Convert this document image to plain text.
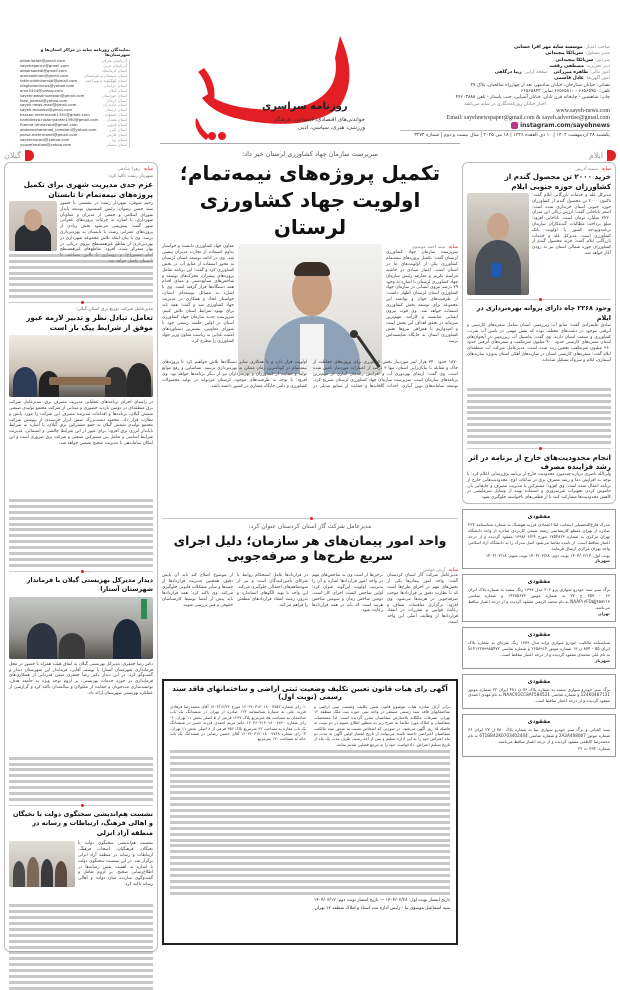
نمایندگان روزنامه سایه در مراکز استان‌ها و شهرستان‌ها
آذربایجان شرقی
akbarlotfali@gmail.com
آذربایجان غربی
sayehagency@gmail.com
استان کرمانشاه
akbarsaeedi@gmail.com
استان سیستان و بلوچستان
amirsalehian@gmail.com
استان کهگیلویه و بویراحمد
fakhruddinhamidi@gmail.com
استان خراسان
nikgholamnews@yahoo.com
استان گیلان
amir2424@yahoo.com
استان خوزستان
sayehnewskhuzestan@gmail.com
استان کرمان
farsi_kamali@yahoo.com
استان مازندران
sayeh.news.mazi@gmail.com
استان لرستان
sayeh.mousavi@gmail.com
استان اصفهان
hassan.mehrmandi1391@gmail.com
استان همدان
hamidreza.nazariyanfar1390@gmail.com
استان قزوین
fhamid.rahnavard@gmail.com
استان البرز
abdolmohammad_lorestani@yahoo.com
استان فارس
parsa.mehrmandi@gmail.com
استان یزد
sayehmoradi@yahoo.com
استان سمنان
yousefnezhad@yahoo.com
روزنامه سراسری
خواندنی‌های اقتصادی، اجتماعی، فرهنگی
ورزشی، هنری، سیاسی، ادبی
صاحب امتیاز: موسسه سایه مهر افزا حسانی
مدیر مسئول: سرپائکا پیچیدانی
سردبیر: سرپائکا پیچیدانی
دبیر تحریریه: مصطفی رفعت
امور مالی: طاهره میرزائی    صفحه آرایی: زیبا درگاهی
امور آگهی‌ها: عادل قاسمی
نشانی: خیابان ستارخان، خیابان شادمهر، بعد از چهارراه صالحیان، پلاک ۲۷
تلفن: ۶۶۵۶۵۹۵۰ - ۶۶۵۶۵۸۱۰ نمابر: ۶۶۵۶۵۸۴۳
چاپ: شاهسین - چاپخانه قرن تابان، خیابان آسیایی، جنب پاستار - تلفن ۴۴۶۰۳۸۸۸
اخبار خیابان روزنامه‌نگاری در سایه می‌باشد
www.sayeh-news.com
Email: sayehnewspaper@gmail.com & sayeh.advertise@gmail.com
instagram.com/sayehnews
یکشنبه ۲۸ اردیبهشت ۱۴۰۴ | ۱۰ ذی القعده ۱۴۴۶ | ۱۸ می ۲۰۲۵ | سال بیست و دوم | شماره ۳۲۷۴
ایلام
سایه
سمیه آذرپور
خرید ۲۰۰۰ تن محصول گندم از کشاورزان حوزه جنوبی ایلام
مدیرکل غله و خدمات بازرگانی ایلام گفت: تاکنون ۲۰۰۰ تن محصول گندم از کشاورزان حوزه جنوبی استان خریداری شده است. اصغر باباخانی گفت: ارزش ریالی این میزان ۳۲۲۰ میلیارد تومان است. باباخانی افزود: مبلغ پرداخت مطالبات گندمکاران سازمان برنامه‌وبودجه کشور با اولویت بانک کشاورزی است. مدیرکل غله و خدمات بازرگانی ایلام گفت: خرید محصول گندم از کشاورزان حوزه شمالی استان نیز به زودی آغاز خواهد شد.
وجود ۲۲۶۸ چاه دارای پروانه بهره‌برداری در ایلام
صادق علیمرادی گفت: منابع آب زیرزمینی استان شامل سفره‌های کارستی و آبرفتی موجود در دشت‌های مختلف بوده که نقش مهمی در تامین آب شرب، کشاورزی و صنعت استان دارند. وی گفت: پتانسیل آب زیرزمینی در آبخوان‌های استان سفره‌های کارستی حدود ۹۰۰ میلیون مترمکعب و سفره‌های آبرفتی حدود ۲۶۰ میلیون مترمکعب تخمین زده شده است. مدیرعامل شرکت آب منطقه‌ای ایلام گفت: سفره‌های کارستی استان در سازندهای آهکی استان به‌ویژه سازندهای آسماری، ایلام و سروک تشکیل شده‌اند.
انجام محدودیت‌های خارج از برنامه در اثر رشد فزاینده مصرف
ولی‌الله ناصری درباره چندمورد محدودیت خارج از برنامه برق‌رسانی اعلام کرد: با توجه به افزایش دما و رشد مصرف برق در ساعات اوج، محدودیت‌هایی خارج از برنامه اعمال شده است. وی افزود: مشترکین با مدیریت مصرف و جابجایی بار، خاموش کردن تجهیزات غیرضروری و استفاده بهینه از وسایل سرمایشی در کاهش محدودیت‌ها مشارکت کنند تا از قطعی‌های ناخواسته جلوگیری شود.
مفقودی
مدرک فارغ‌التحصیلی اینجانب لیلا اعتمادی فرزند هوشنگ به شماره شناسنامه ۲۲۳ صادره از تهران مقطع کارشناسی رشته شیمی کاربردی صادره از واحد دانشگاه تهران مرکزی به شماره ۱۷۵۴۸۲۳ مورخ ۱۳۹۸/۰۶/۲۴ مفقود گردیده و از درجه اعتبار ساقط است. از یابنده تقاضا می‌شود اصل مدرک را به دانشگاه آزاد اسلامی واحد تهران مرکزی ارسال فرمایند.
نوبت اول: ۱۴۰۴/۰۲/۱۴ نوبت دوم: ۱۴۰۴/۰۲/۲۸ نوبت سوم: ۱۴۰۴/۰۳/۱۸
شهریار
مفقودی
برگ سبز سند خودرو سواری پژو ۲۰۶ مدل ۱۳۹۷ رنگ سفید به شماره پلاک ایران ۶۶ - ۳۵۷ ج ۲۳ به شماره موتور ۱۴۲۸۵۶۷۳ و شماره شاسی NAAP۱۳FD۵JJ۴۵۸۲۱۳ به نام محمد کریمی مفقود گردیده و از درجه اعتبار ساقط می‌باشد.
تهران
مفقودی
شناسنامه مالکیت خودرو سواری پراید مدل ۱۳۸۹ رنگ نقره‌ای به شماره پلاک ایران ۵۵ - ۸۷۴ ن ۱۳ شماره موتور ۲۶۵۸۹۱۴ و شماره شاسی S۱۴۱۲۲۸۹۹۸۵۴۷۲ به نام علی محمدی مفقود گردیده و از درجه اعتبار ساقط است.
شهریار
مفقودی
برگ سبز خودرو سواری سمند به شماره پلاک ۷۶ ن ۴۸۱ ایران ۲۲ شماره موتور 124K0487131 و شماره شاسی NAAC91CC8AF584521 به نام مهدی احمدی مفقود گردیده و از درجه اعتبار ساقط است.
مفقودی
سند کمپانی و برگ سبز خودرو سواری تیبا به شماره پلاک ۷۸۰ ل ۲۷ ایران ۶۶ شماره موتور 2A2A408087 و شماره شاسی 6T1BB42K0703402444 به نام محمدرضا کاظمی مفقود گردیده و از درجه اعتبار ساقط می‌باشد.
شماره: ۲۹۴ ت ۲۲
گیلان
سایه
زهرا صادقی
شهردار رشت تاکید کرد:
عزم جدی مدیریت شهری برای تکمیل پروژه‌های نیمه‌تمام تا تابستان
رحیم شوقی، شهردار رشت در نشستی با حضور سید حسن رضوان، رئیس کمیسیون توسعه پایدار شورای اسلامی و جمعی از مدیران و معاونان شهرداری، با اشاره به جزئیات پروژه‌های عمرانی شهر گفت: پیش‌بینی می‌شود بخش زیادی از پروژه‌های عمرانی رشت تا تابستان به بهره‌برداری برسد. وی با بیان اینکه تلاش مجموعه شهرداری در بهره‌برداری از تقاطع غیرهمسطح نیروی دریایی در بهار متمرکز شده، افزود: تقاطع‌های غیرهمسطح
مدیرعامل شرکت توزیع برق استان گیلان:
تعامل، تبادل نظر و تدبیر لازمه عبور موفق از شرایط پیک بار است
در راستای اجرای برنامه‌های عملیاتی مدیریت مصرف برق، مدیرعامل شرکت برق منطقه‌ای در دومین بازدید حضوری و میدانی از شرکت مجتمع تولیدی صنعتی شمش گیلان، برنامه‌ها و اقدامات مدیریت مصرف این شرکت را مورد پایش و نظارت قرار داد. محمود دشت‌بزرگ ضمن ابراز خرسندی از پیوستن شرکت مجتمع تولیدی شمش گیلان به جمع مشترکین برق گیلان، با اشاره به شرایط ناپایدار انرژی برق افزود: برای عبور از این شرایط چالشی و استثنائی، مدیریت شرایط اساسی و تعامل بین مشترکین صنعتی و شرکت برق ضروری است و این امکان ساماندهی با مدیریت صحیح تضمین خواهد شد.
دیدار مدیرکل بهزیستی گیلان با فرماندار شهرستان آستارا
دکتر رضا جعفری، مدیرکل بهزیستی گیلان به اتفاق هیئت همراه با حضور در محل فرمانداری شهرستان آستارا با یوسف آقایی، فرماندار این شهرستان دیدار و گفت‌وگو کرد. در این دیدار دکتر رضا جعفری ضمن قدردانی از همکاری‌های فرمانداری در حوزه خدمات بهزیستی، بر لزوم توجه ویژه به جامعه هدف، توانمندسازی مددجویان و حمایت از معلولان و سالمندان تاکید کرد و گزارشی از عملکرد بهزیستی شهرستان ارائه داد.
نشست هم‌اندیشی سخنگوی دولت با نخبگان و اهالی فرهنگ، ارتباطات و رسانه در منطقه آزاد انزلی
نشست هم‌اندیشی سخنگوی دولت با نخبگان، فرهنگیان، اصحاب فرهنگ، ارتباطات و رسانه در منطقه آزاد انزلی برگزار شد. در این نشست سخنگوی دولت با اشاره به اهمیت نقش رسانه‌ها در اطلاع‌رسانی صحیح، بر لزوم تعامل و گفت‌وگوی سازنده میان دولت و اهالی رسانه تاکید کرد.
سرپرست سازمان جهاد کشاورزی لرستان خبر داد:
تکمیل پروژه‌های نیمه‌تمام؛
اولویت جهاد کشاورزی لرستان
سایه
سید احمد موسوی
سرپرست سازمان جهاد کشاورزی لرستان گفت: تکمیل پروژه‌های نیمه‌تمام کشاورزی یکی از اولویت‌های ما در استان است. اعتبار صیادی در حاشیه مراسم تکریم و معارفه رئیس سازمان جهاد کشاورزی لرستان با اشاره به وجود ۲۹ درصد نیروی انسانی در سازمان جهاد کشاورزی استان لرستان اظهار داشت: از ظرفیت‌های جوان و توانمند این مجموعه برای توسعه بخش کشاورزی استفاده خواهد شد. وی قوت نیروی انسانی شایسته و کارآمد، مهم‌ترین سرمایه در تحقق اهداف این بخش است و امیدواریم با همراهی نیروها بخش کشاورزی استان به جایگاه شایسته‌اش برسد.
معاون جهاد کشاورزی دانست و خواستار تداوم استفاده از تجارب مدیران پیشین شد. وی در ادامه توسعه استان لرستان به محور استفاده از منابع آب در بخش کشاورزی کرد و گفت: این برنامه شامل پروژه‌های پیشران، محرک‌های توسعه و شاخص‌های صنایع‌دستی و مبنای اقدام همه دستگاه‌ها قرار گرفته است. وی با اشاره به مسائل توسعه‌ای استان، خواستار اتحاد و همکاری در مدیریت جهاد کشاورزی شد و گفت: همه باید برای بهبود شرایط استان تلاش کنیم. سرپرست جدید سازمان جهاد کشاورزی استان در اولین جلسه رسمی خود با شورای معاونین، بیشترین دستاوردهای امنیت غذایی به ریاست معاون وزیر جهاد کشاورزی را مطرح کرد.
۱۸۷۰ حدود ۳۴۰ هزار لیتر موردنیاز بخش کشاورزی برای پروژه‌های حفاظت از خاک و مقابله با بیابان‌زایی استان، تنها ۳ درصد از اعتبارات موردنیاز تامین شده است. وی گفت: ارتقای بهره‌وری آب و افزایش راندمان آبیاری از مهم‌ترین برنامه‌های سازمان است. سرپرست سازمان جهاد کشاورزی لرستان تصریح کرد: توسعه سامانه‌های نوین آبیاری، احداث گلخانه‌ها و حمایت از صنایع تبدیلی در اولویت قرار دارد و با همکاری سایر دستگاه‌ها تلاش خواهیم کرد تا پروژه‌های نیمه‌تمام در کوتاه‌ترین زمان ممکن به بهره‌برداری برسند. شناسایی و رفع موانع تولید و حمایت از کشاورزان و بهره‌برداران نیز از دیگر برنامه‌ها خواهد بود. وی افزود: با توجه به ظرفیت‌های موجود، لرستان می‌تواند در تولید محصولات کشاورزی و دامی جایگاه ممتازی در کشور داشته باشد.
مدیرعامل شرکت گاز استان کردستان عنوان کرد:
واحد امور پیمان‌های هر سازمان؛ دلیل اجرای سریع طرح‌ها و صرفه‌جویی
سایه
آرش موسی
مدیرعامل شرکت گاز استان کردستان گفت: واحد امور پیمان‌ها یکی از بخش‌های مهم در اجرای طرح‌ها است که با نظارت دقیق بر قراردادها موجب صرفه‌جویی در هزینه‌ها می‌شود. وی افزود: برگزاری مناقصات شفاف و رعایت قوانین و مقررات در انعقاد قراردادها از وظایف اصلی این واحد است.
برخی‌ها از است وی به شاخص‌های مهم در واحد امور قراردادها اشاره و آن را به‌ترتیب اولویت این‌گونه عنوان کرد: اولین شاخص کیفیت اجرای کار است، دومین شاخص زمان و سومین شاخص هزینه است که باید در همه قراردادها رعایت شود.
در قراردادها عامل استحکام روابط با شرکای تأمین‌کنندگان است و نیز از سوءتفاهم‌های احتمالی جلوگیری می‌کند. این واحد با تهیه الگوهای استاندارد و به‌روز، زمینه انعقاد قراردادهای مطمئن را فراهم می‌کند.
از موضوع اصلاح کند باید آن پایش دقیق، همچنین مدیریت قراردادها از جنبه‌ها و سایر مشکلات قانونی جلوگیری می‌کند. وی تاکید کرد: همه قراردادها باید پیش از امضا توسط کارشناسان حقوقی و فنی بررسی شوند.
آگهی رای هیات قانون تعیین تکلیف وضعیت ثبتی اراضی و ساختمانهای فاقد سند رسمی (نوبت اول)
برابر آرای صادره هیات موضوع قانون تعیین تکلیف وضعیت ثبتی اراضی و ساختمانهای فاقد سند رسمی مستقر در واحد ثبتی حوزه ثبت ملک منطقه ۱۲ تهران، تصرفات مالکانه بلامعارض متقاضیان محرز گردیده است. لذا مشخصات متقاضیان و املاک مورد تقاضا به شرح زیر به منظور اطلاع عموم در دو نوبت به فاصله ۱۵ روز آگهی می‌شود. در صورتی که اشخاص نسبت به صدور سند مالکیت متقاضیان اعتراضی داشته باشند می‌توانند از تاریخ انتشار اولین آگهی به مدت دو ماه اعتراض خود را به این اداره تسلیم و پس از اخذ رسید، ظرف مدت یک ماه از تاریخ تسلیم اعتراض، دادخواست خود را به مرجع قضایی تقدیم نمایند.
۱- رای شماره ۱۴۰۳۶۰۳۱۲۰۱۸۰۰۷۷۵۲ مورخ ۱۴۰۳/۱۲/۲۲ آقای محمدرضا فرهادی فرزند علی به شماره شناسنامه ۱۲۳ صادره از تهران در ششدانگ یک باب ساختمان به مساحت ۸۵ مترمربع پلاک ۱۲۴۷ فرعی از ۵ اصلی بخش ۱۱ تهران. ۲- رای شماره ۱۴۰۳۶۰۳۱۲۰۱۸۰۰۷۷۶۰ خانم مریم احمدی فرزند حسن در ششدانگ یک باب مغازه به مساحت ۴۲ مترمربع پلاک ۳۵۶ فرعی از ۸ اصلی بخش ۱۱ تهران. ۳- رای شماره ۱۴۰۳۶۰۳۱۲۰۱۸۰۰۷۷۶۸ آقای حسین رضایی در ششدانگ یک باب خانه به مساحت ۱۲۰ مترمربع.
تاریخ انتشار نوبت اول: ۱۴۰۴/۰۲/۲۸ — تاریخ انتشار نوبت دوم: ۱۴۰۴/۰۳/۱۲
سید اسماعیل موسوی نیا - رئیس اداره ثبت اسناد و املاک منطقه ۱۲ تهران
